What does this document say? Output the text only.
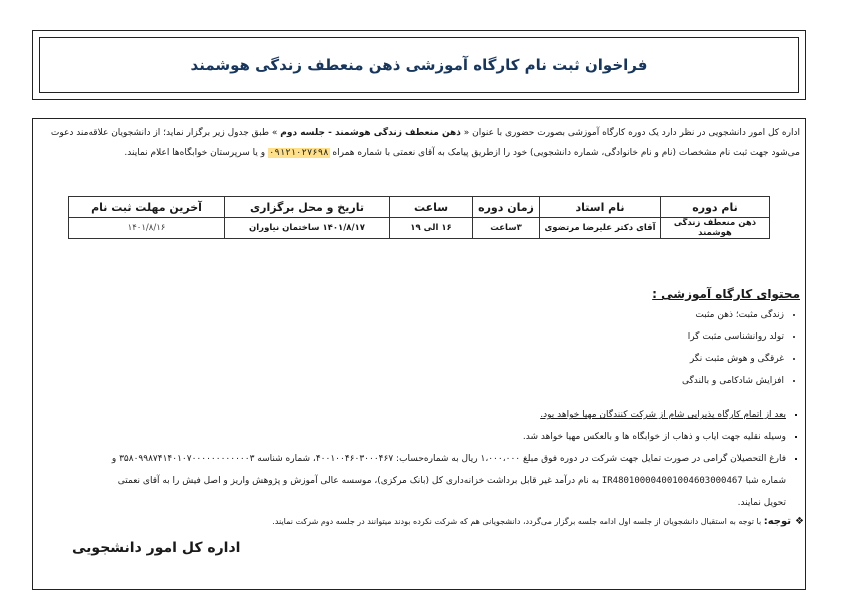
فراخوان ثبت نام کارگاه آموزشی ذهن منعطف زندگی هوشمند
اداره کل امور دانشجویی در نظر دارد یک دوره کارگاه آموزشی بصورت حضوری با عنوان « ذهن منعطف زندگی هوشمند - جلسه دوم » طبق جدول زیر برگزار نماید؛ از دانشجویان علاقه‌مند دعوت
می‌شود جهت ثبت نام مشخصات (نام و نام خانوادگی، شماره دانشجویی) خود را ازطریق پیامک به آقای نعمتی با شماره همراه ۰۹۱۲۱۰۲۷۶۹۸ و یا سرپرستان خوابگاه‌ها اعلام نمایند.
نام دوره	نام استاد	زمان دوره	ساعت	تاریخ و محل برگزاری	آخرین مهلت ثبت نام
ذهن منعطف زندگی هوشمند	آقای دکتر علیرضا مرتضوی	۳ساعت	۱۶ الی ۱۹	۱۴۰۱/۸/۱۷ ساختمان نیاوران	۱۴۰۱/۸/۱۶
محتوای کارگاه آموزشی :
• زندگی مثبت؛ ذهن مثبت
• تولد روانشناسی مثبت گرا
• غرقگی و هوش مثبت نگر
• افزایش شادکامی و بالندگی
▪ بعد از اتمام کارگاه پذیرایی شام از شرکت کنندگان مهیا خواهد بود.
▪ وسیله نقلیه جهت ایاب و ذهاب از خوابگاه ها و بالعکس مهیا خواهد شد.
▪ فارغ التحصیلان گرامی در صورت تمایل جهت شرکت در دوره فوق مبلغ ۱،۰۰۰،۰۰۰ ریال به شماره‌حساب: ۴۰۰۱۰۰۴۶۰۳۰۰۰۴۶۷، شماره شناسه ۳۵۸۰۹۹۸۷۴۱۴۰۱۰۷۰۰۰۰۰۰۰۰۰۰۰۰۳ و
شماره شبا IR480100004001004603000467 به نام درآمد غیر قابل برداشت خزانه‌داری کل (بانک مرکزی)، موسسه عالی آموزش و پژوهش واریز و اصل فیش را به آقای نعمتی
تحویل نمایند.
❖توجه: با توجه به استقبال دانشجویان از جلسه اول ادامه جلسه برگزار می‌گردد، دانشجویانی هم که شرکت نکرده بودند میتوانند در جلسه دوم شرکت نمایند.
اداره کل امور دانشجویی
